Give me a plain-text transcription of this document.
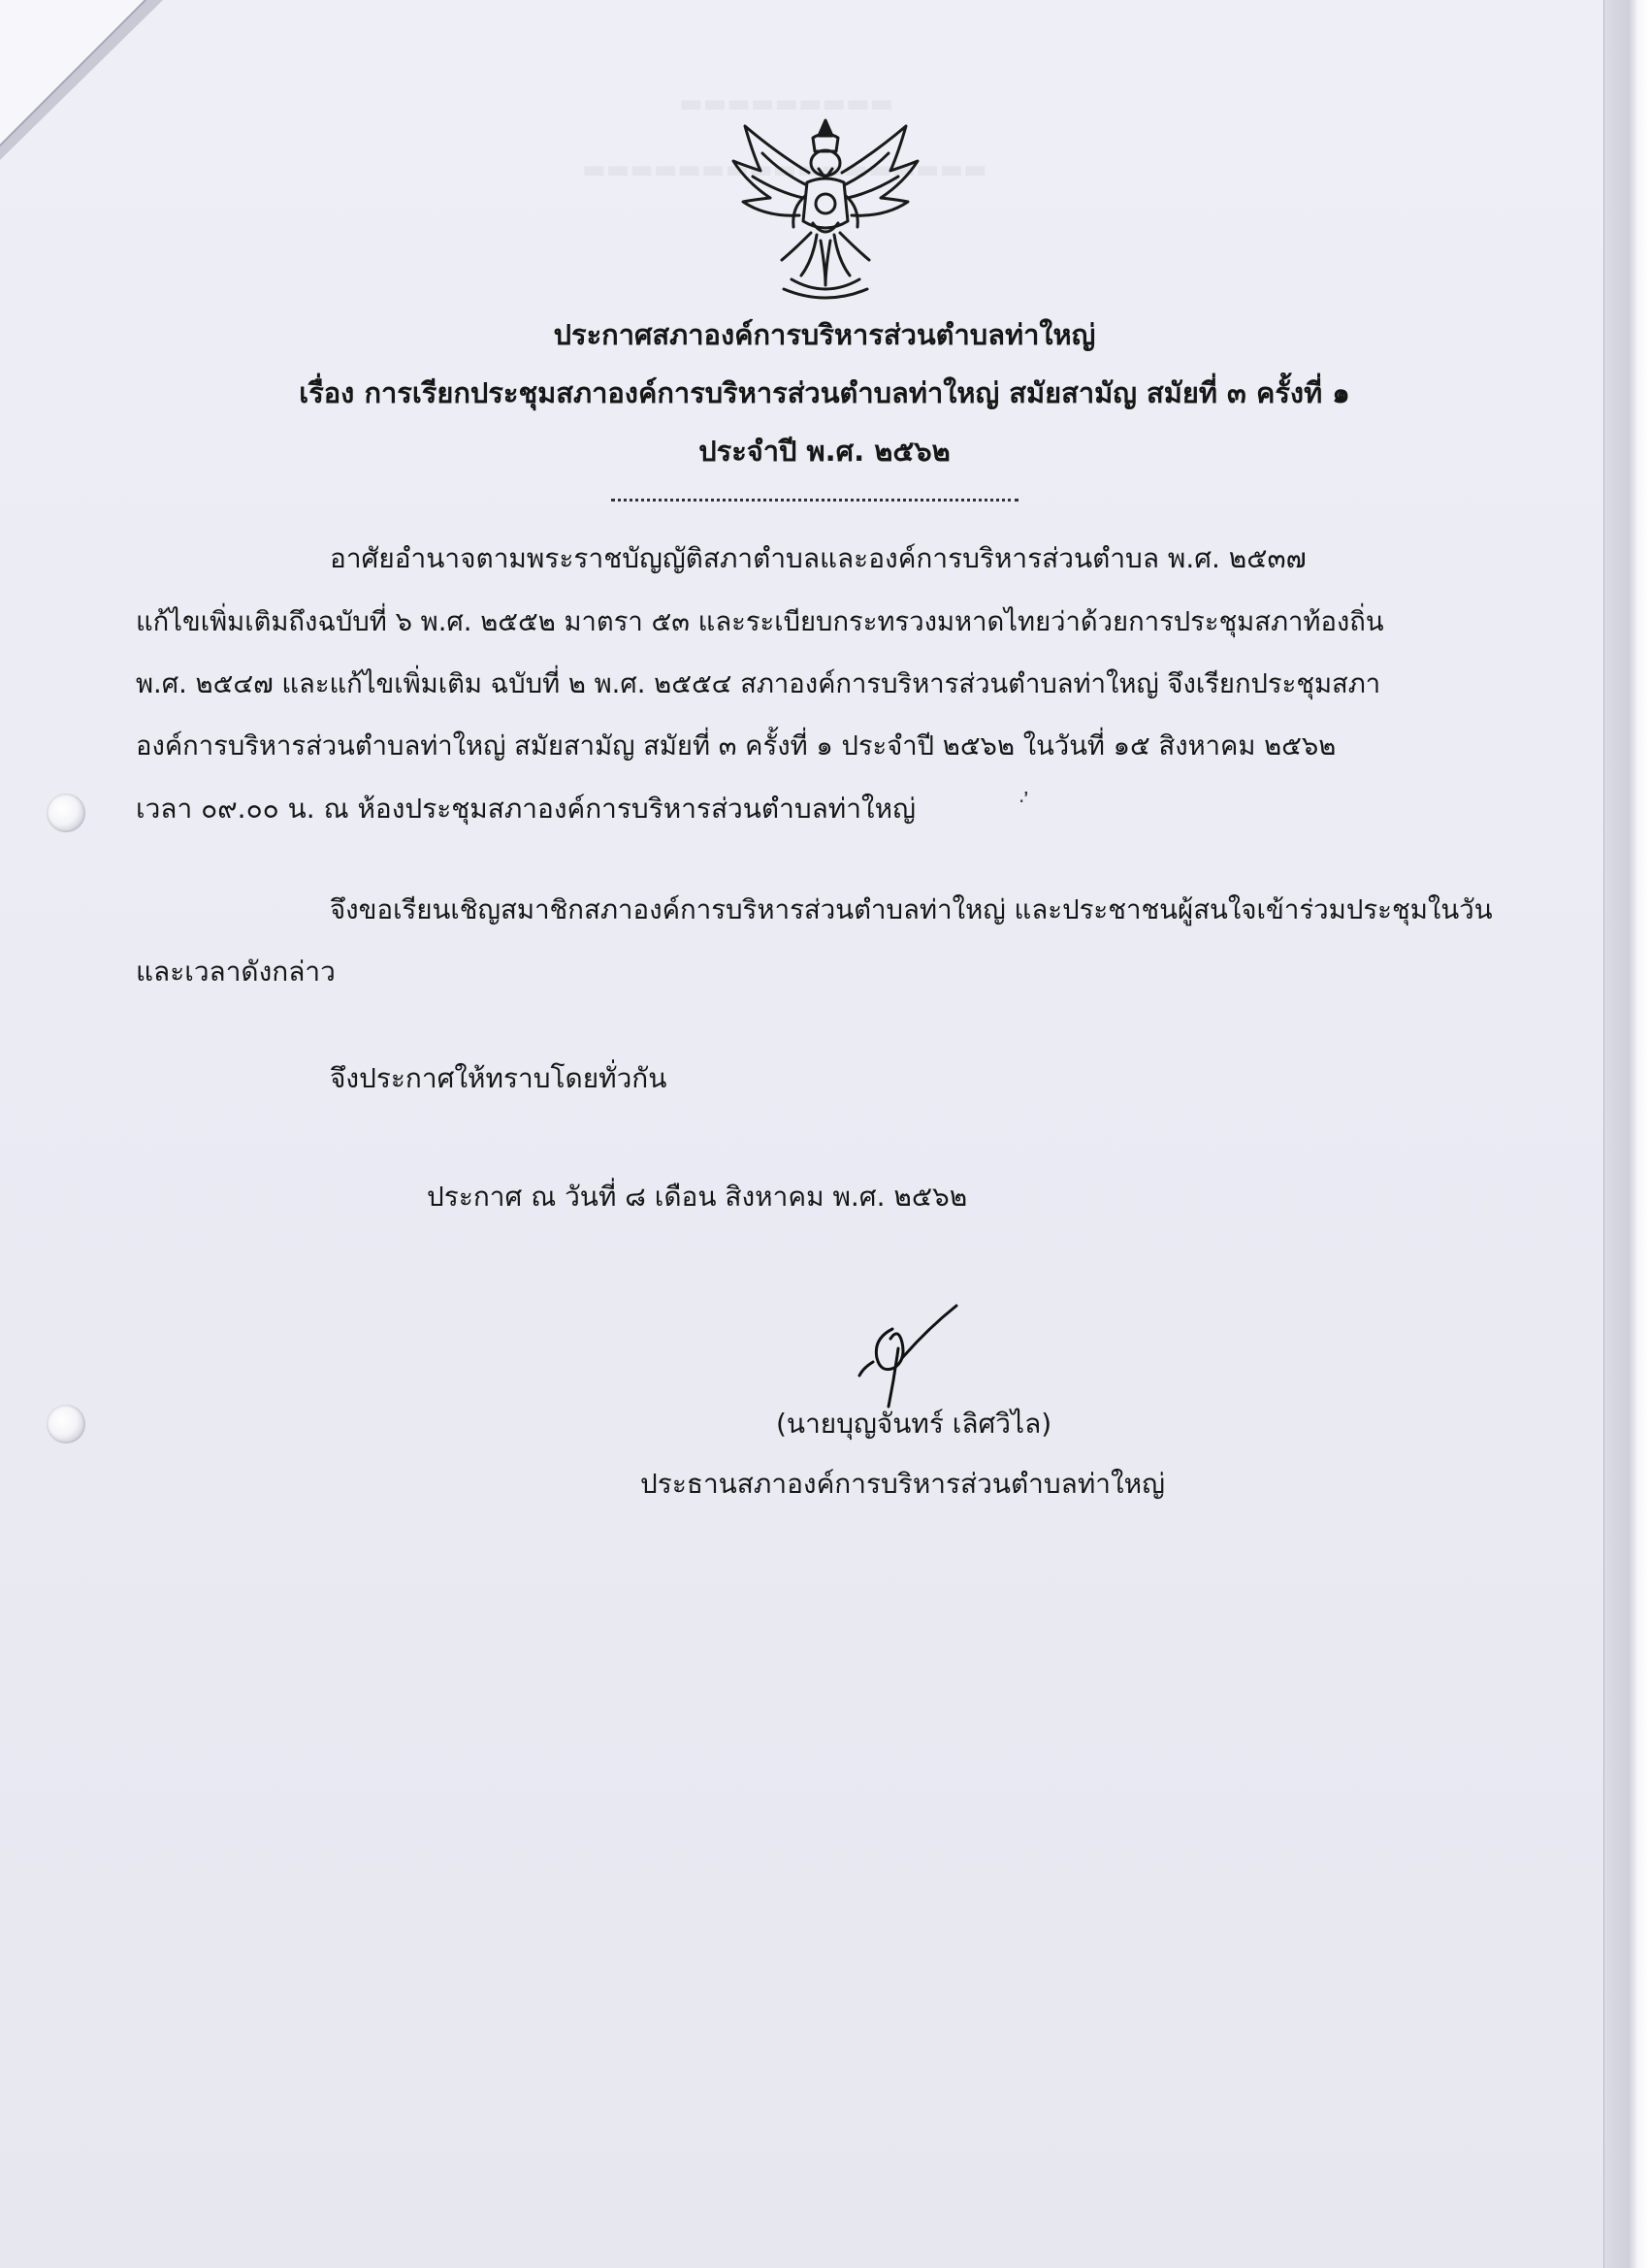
▬▬▬▬▬▬▬▬▬
▬▬▬▬▬▬▬▬▬▬▬▬▬▬▬▬▬
ประกาศสภาองค์การบริหารส่วนตำบลท่าใหญ่
เรื่อง การเรียกประชุมสภาองค์การบริหารส่วนตำบลท่าใหญ่ สมัยสามัญ สมัยที่ ๓ ครั้งที่ ๑
ประจำปี พ.ศ. ๒๕๖๒
อาศัยอำนาจตามพระราชบัญญัติสภาตำบลและองค์การบริหารส่วนตำบล พ.ศ. ๒๕๓๗
แก้ไขเพิ่มเติมถึงฉบับที่ ๖ พ.ศ. ๒๕๕๒ มาตรา ๕๓ และระเบียบกระทรวงมหาดไทยว่าด้วยการประชุมสภาท้องถิ่น
พ.ศ. ๒๕๔๗ และแก้ไขเพิ่มเติม ฉบับที่ ๒ พ.ศ. ๒๕๕๔ สภาองค์การบริหารส่วนตำบลท่าใหญ่ จึงเรียกประชุมสภา
องค์การบริหารส่วนตำบลท่าใหญ่ สมัยสามัญ สมัยที่ ๓ ครั้งที่ ๑ ประจำปี ๒๕๖๒ ในวันที่ ๑๕ สิงหาคม ๒๕๖๒
เวลา ๐๙.๐๐ น. ณ ห้องประชุมสภาองค์การบริหารส่วนตำบลท่าใหญ่
จึงขอเรียนเชิญสมาชิกสภาองค์การบริหารส่วนตำบลท่าใหญ่ และประชาชนผู้สนใจเข้าร่วมประชุมในวัน
และเวลาดังกล่าว
จึงประกาศให้ทราบโดยทั่วกัน
ประกาศ ณ วันที่ ๘ เดือน สิงหาคม พ.ศ. ๒๕๖๒
(นายบุญจันทร์ เลิศวิไล)
ประธานสภาองค์การบริหารส่วนตำบลท่าใหญ่
· ̓
